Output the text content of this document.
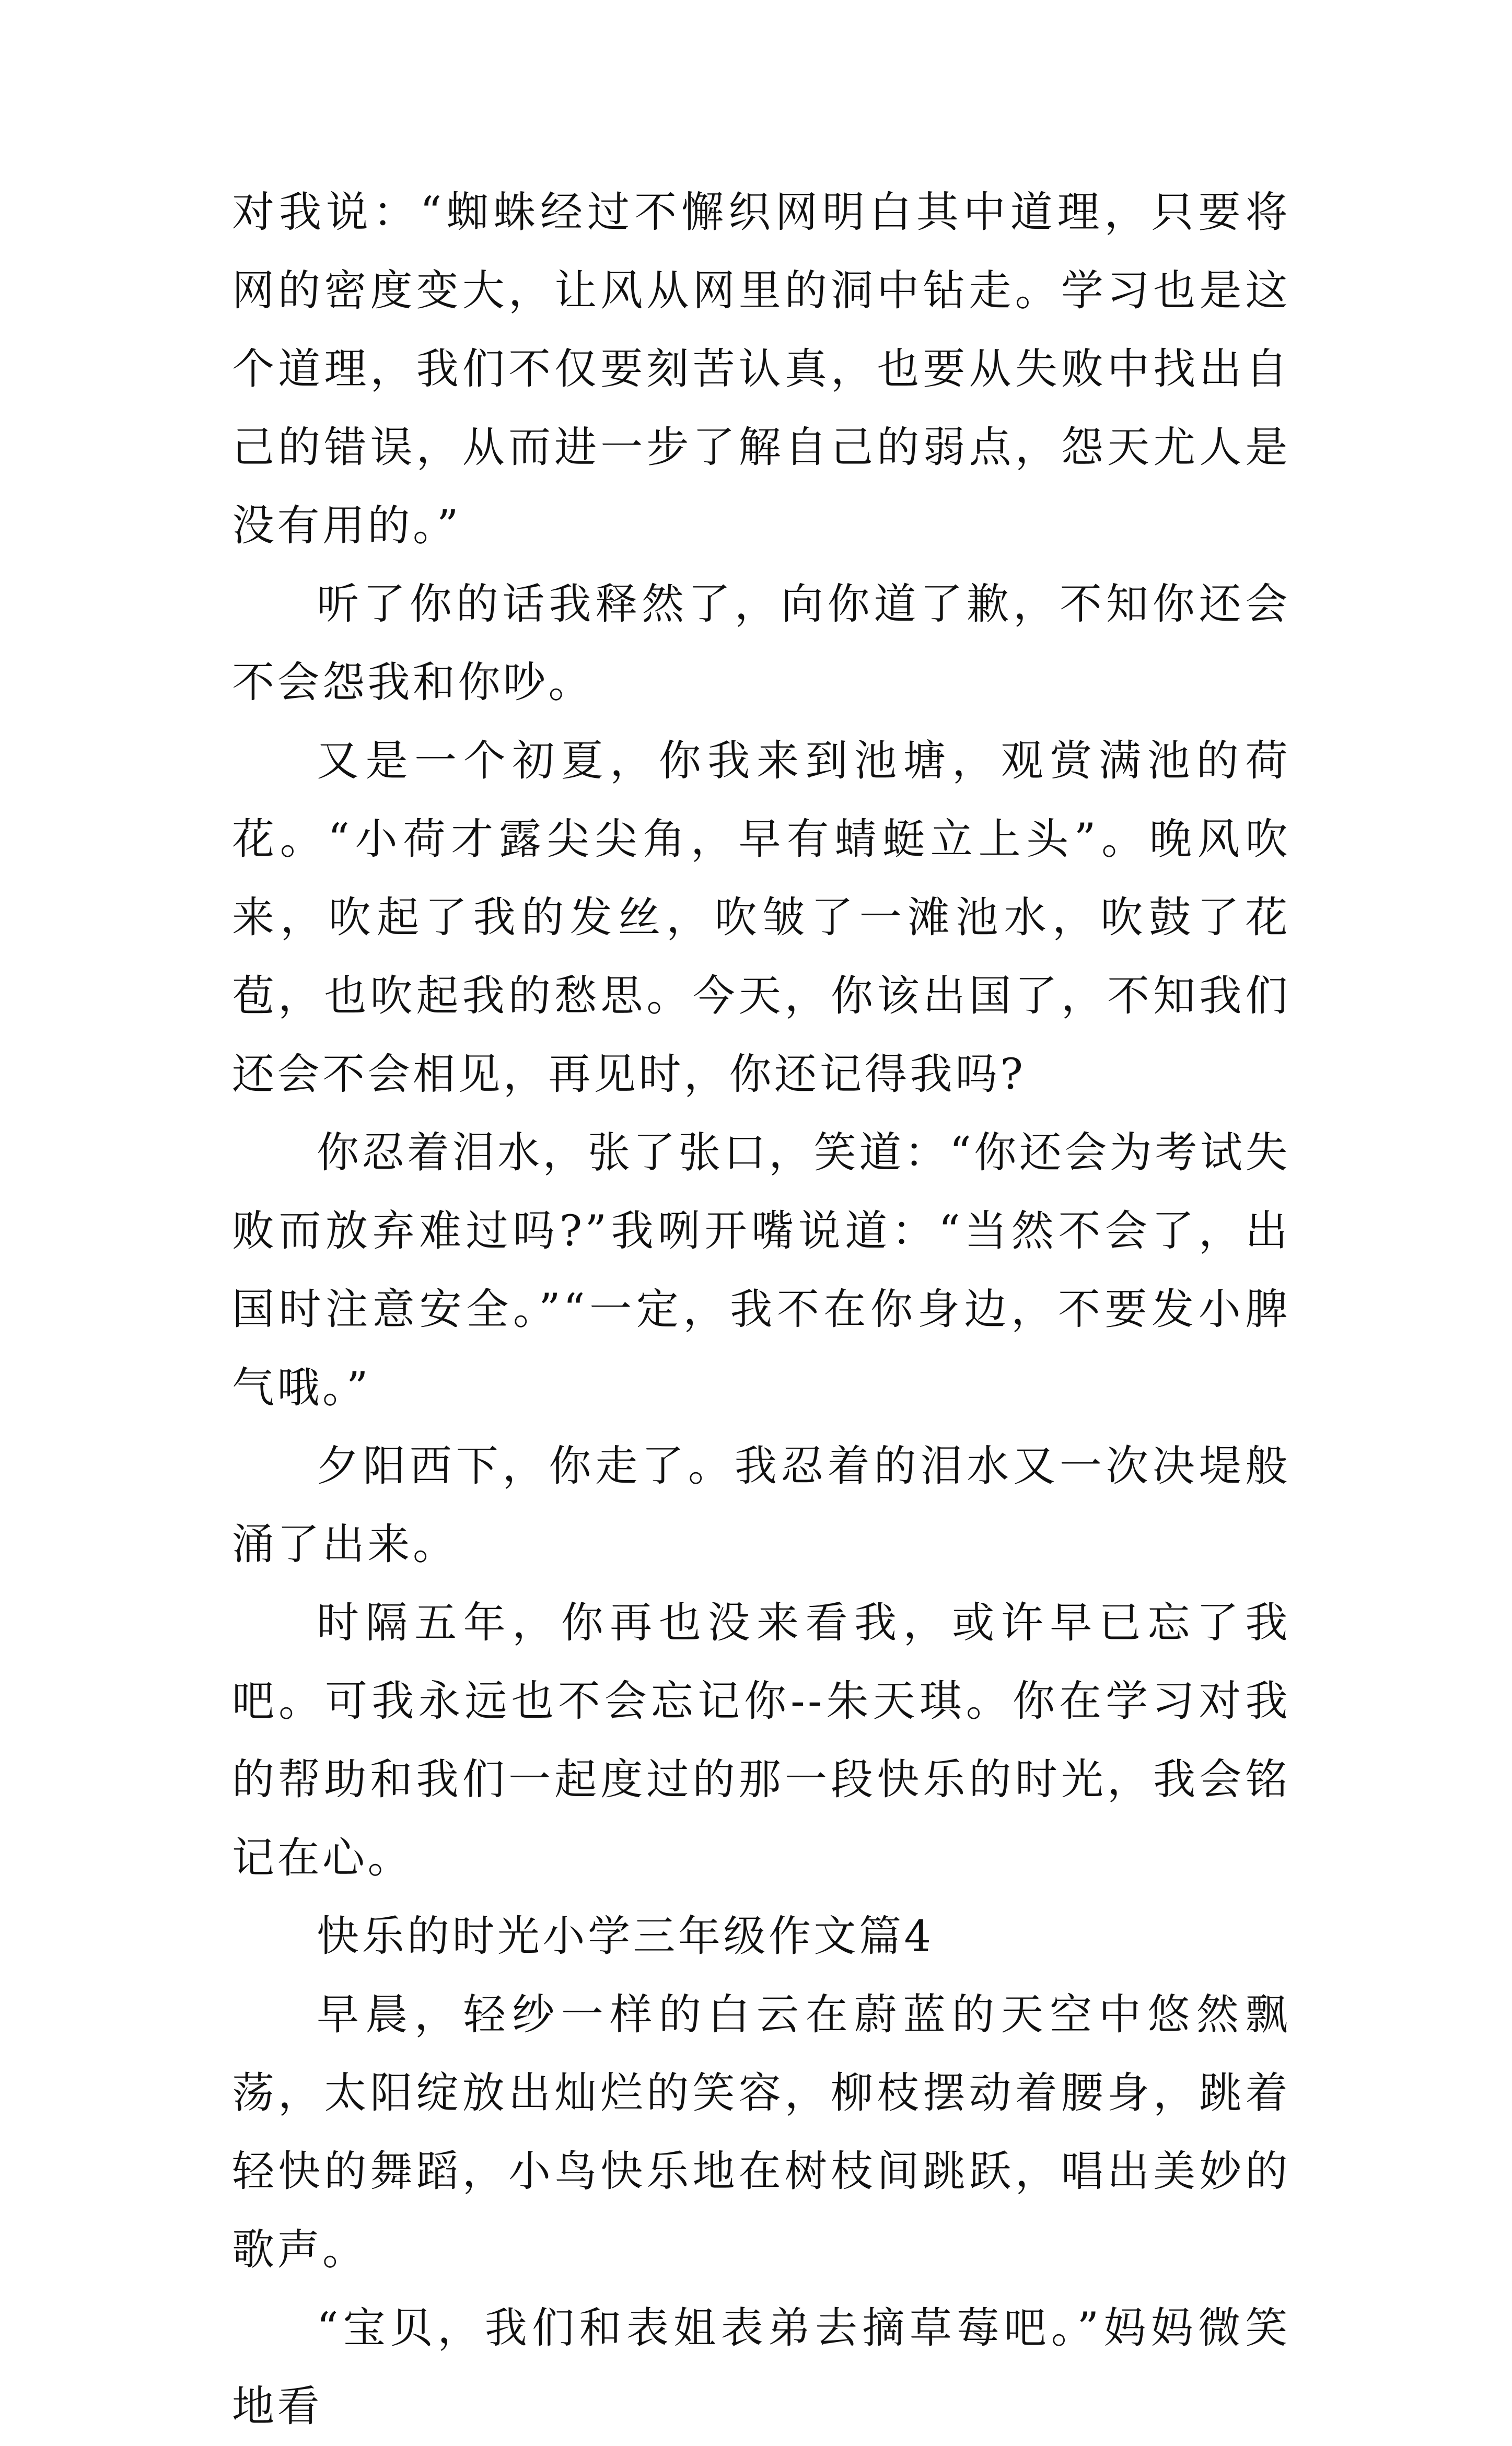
对我说：“蜘蛛经过不懈织网明白其中道理，只要将网的密度变大，让风从网里的洞中钻走。学习也是这个道理，我们不仅要刻苦认真，也要从失败中找出自己的错误，从而进一步了解自己的弱点，怨天尤人是没有用的。”

听了你的话我释然了，向你道了歉，不知你还会不会怨我和你吵。

又是一个初夏，你我来到池塘，观赏满池的荷花。“小荷才露尖尖角，早有蜻蜓立上头”。晚风吹来，吹起了我的发丝，吹皱了一滩池水，吹鼓了花苞，也吹起我的愁思。今天，你该出国了，不知我们还会不会相见，再见时，你还记得我吗?

你忍着泪水，张了张口，笑道：“你还会为考试失败而放弃难过吗?”我咧开嘴说道：“当然不会了，出国时注意安全。”“一定，我不在你身边，不要发小脾气哦。”

夕阳西下，你走了。我忍着的泪水又一次决堤般涌了出来。

时隔五年，你再也没来看我，或许早已忘了我吧。可我永远也不会忘记你--朱天琪。你在学习对我的帮助和我们一起度过的那一段快乐的时光，我会铭记在心。

快乐的时光小学三年级作文篇4

早晨，轻纱一样的白云在蔚蓝的天空中悠然飘荡，太阳绽放出灿烂的笑容，柳枝摆动着腰身，跳着轻快的舞蹈，小鸟快乐地在树枝间跳跃，唱出美妙的歌声。

“宝贝，我们和表姐表弟去摘草莓吧。”妈妈微笑地看
